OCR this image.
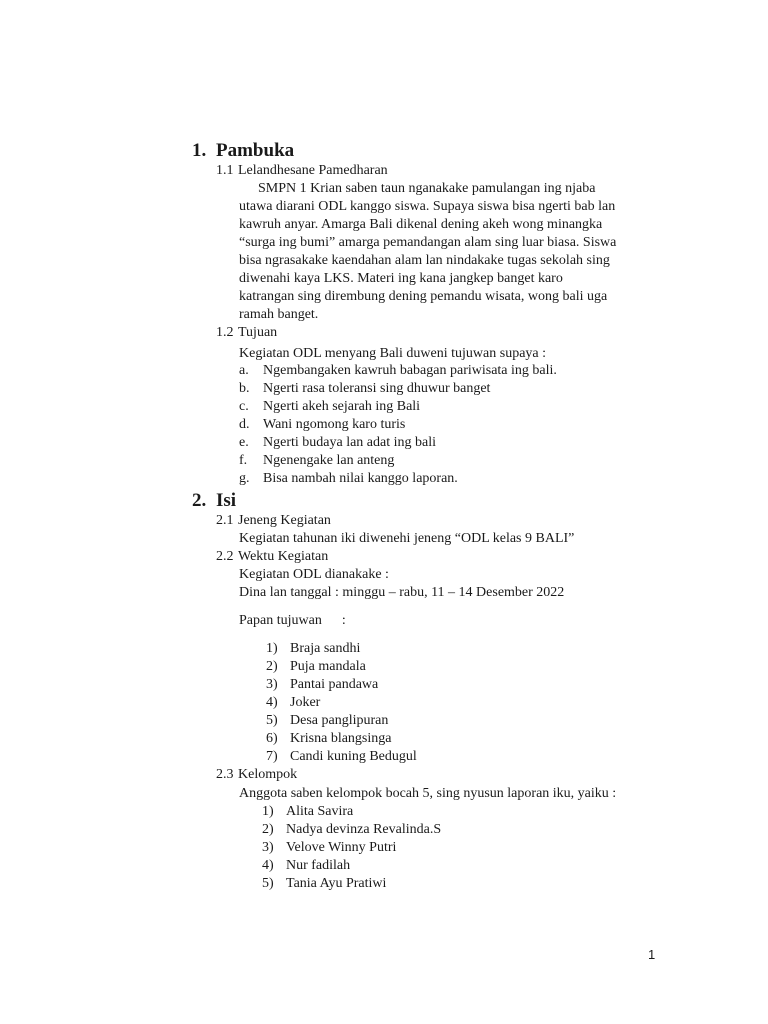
1. Pambuka
1.1 Lelandhesane Pamedharan
SMPN 1 Krian saben taun nganakake pamulangan ing njaba
utawa diarani ODL kanggo siswa. Supaya siswa bisa ngerti bab lan
kawruh anyar. Amarga Bali dikenal dening akeh wong minangka
“surga ing bumi” amarga pemandangan alam sing luar biasa. Siswa
bisa ngrasakake kaendahan alam lan nindakake tugas sekolah sing
diwenahi kaya LKS. Materi ing kana jangkep banget karo
katrangan sing dirembung dening pemandu wisata, wong bali uga
ramah banget.
1.2 Tujuan
Kegiatan ODL menyang Bali duweni tujuwan supaya :
a. Ngembangaken kawruh babagan pariwisata ing bali.
b. Ngerti rasa toleransi sing dhuwur banget
c. Ngerti akeh sejarah ing Bali
d. Wani ngomong karo turis
e. Ngerti budaya lan adat ing bali
f. Ngenengake lan anteng
g. Bisa nambah nilai kanggo laporan.
2. Isi
2.1 Jeneng Kegiatan
Kegiatan tahunan iki diwenehi jeneng “ODL kelas 9 BALI”
2.2 Wektu Kegiatan
Kegiatan ODL dianakake :
Dina lan tanggal : minggu – rabu, 11 – 14 Desember 2022
Papan tujuwan :
1) Braja sandhi
2) Puja mandala
3) Pantai pandawa
4) Joker
5) Desa panglipuran
6) Krisna blangsinga
7) Candi kuning Bedugul
2.3 Kelompok
Anggota saben kelompok bocah 5, sing nyusun laporan iku, yaiku :
1) Alita Savira
2) Nadya devinza Revalinda.S
3) Velove Winny Putri
4) Nur fadilah
5) Tania Ayu Pratiwi
1
